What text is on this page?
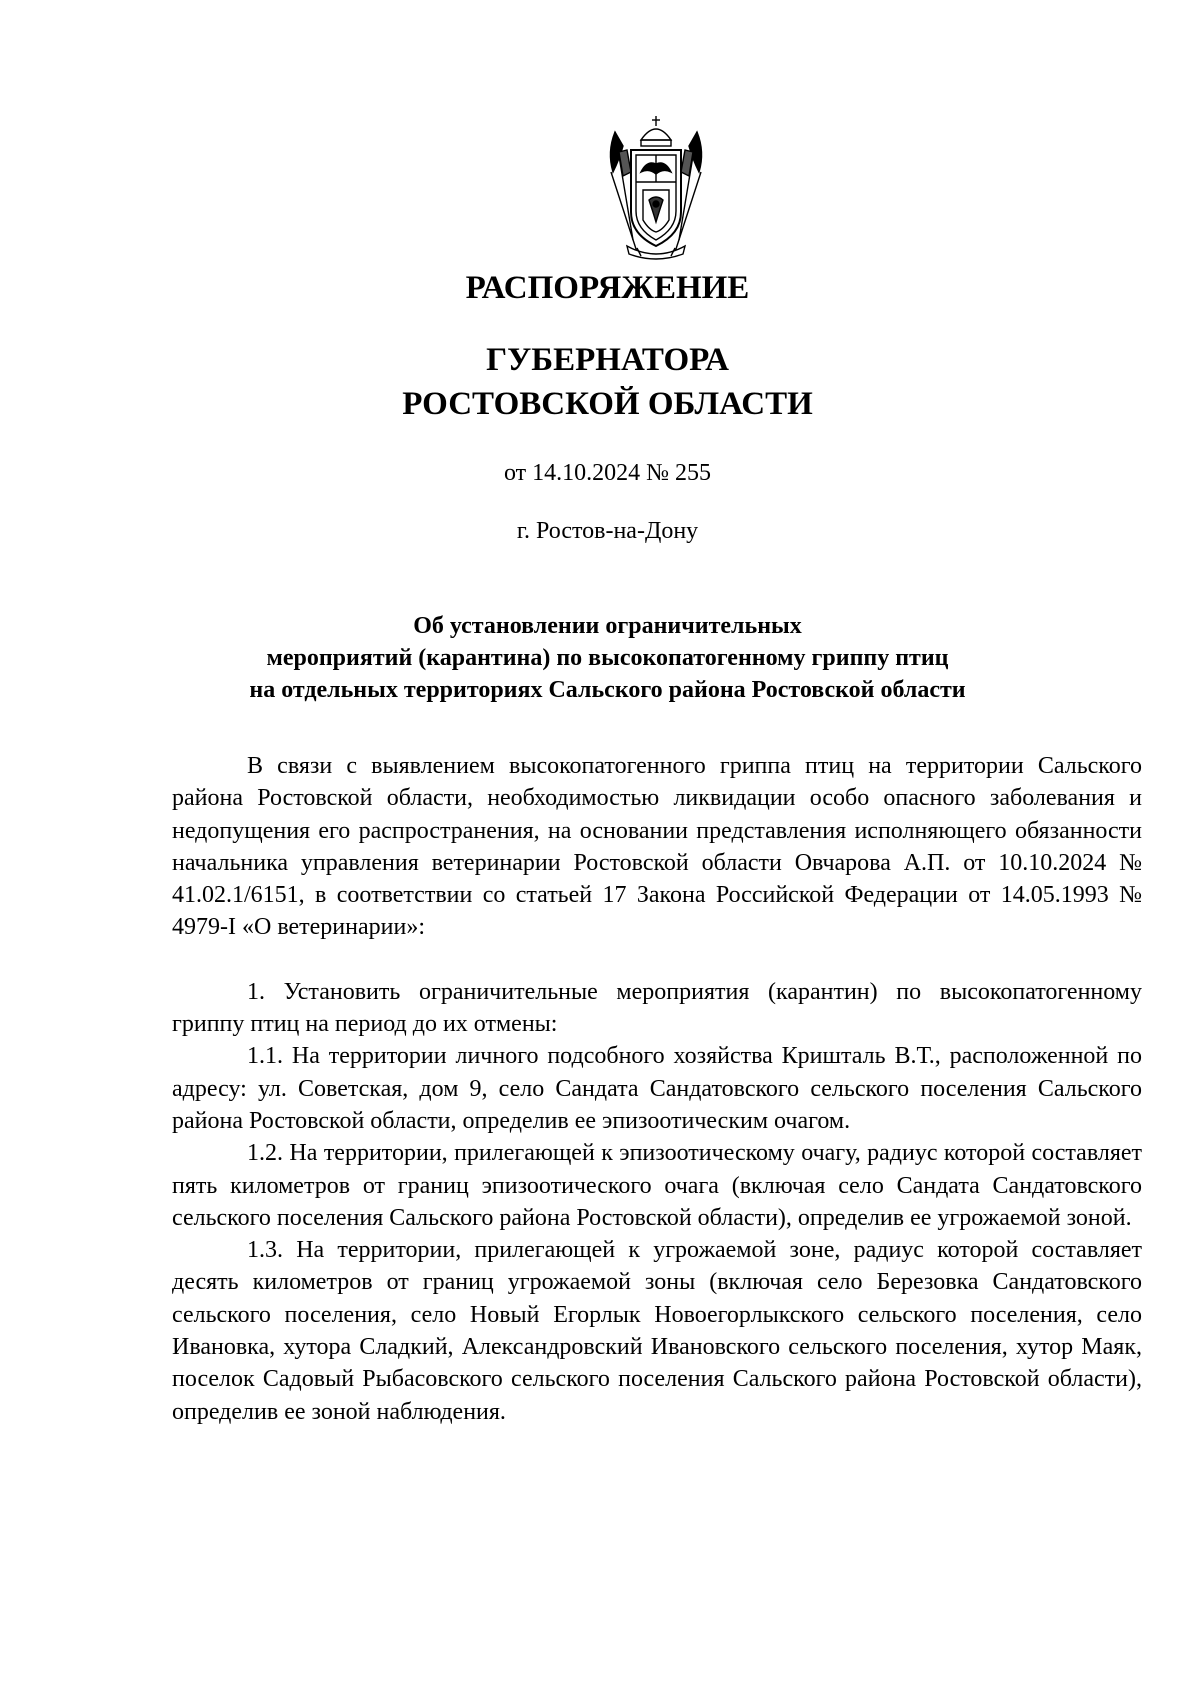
РАСПОРЯЖЕНИЕ
ГУБЕРНАТОРА
РОСТОВСКОЙ ОБЛАСТИ
от 14.10.2024 № 255
г. Ростов-на-Дону
Об установлении ограничительных
мероприятий (карантина) по высокопатогенному гриппу птиц
на отдельных территориях Сальского района Ростовской области

В связи с выявлением высокопатогенного гриппа птиц на территории Сальского района Ростовской области, необходимостью ликвидации особо опасного заболевания и недопущения его распространения, на основании представления исполняющего обязанности начальника управления ветеринарии Ростовской области Овчарова А.П. от 10.10.2024 № 41.02.1/6151, в соответствии со статьей 17 Закона Российской Федерации от 14.05.1993 № 4979-I «О ветеринарии»:

1. Установить ограничительные мероприятия (карантин) по высокопатогенному гриппу птиц на период до их отмены:

1.1. На территории личного подсобного хозяйства Кришталь В.Т., расположенной по адресу: ул. Советская, дом 9, село Сандата Сандатовского сельского поселения Сальского района Ростовской области, определив ее эпизоотическим очагом.

1.2. На территории, прилегающей к эпизоотическому очагу, радиус которой составляет пять километров от границ эпизоотического очага (включая село Сандата Сандатовского сельского поселения Сальского района Ростовской области), определив ее угрожаемой зоной.

1.3. На территории, прилегающей к угрожаемой зоне, радиус которой составляет десять километров от границ угрожаемой зоны (включая село Березовка Сандатовского сельского поселения, село Новый Егорлык Новоегорлыкского сельского поселения, село Ивановка, хутора Сладкий, Александровский Ивановского сельского поселения, хутор Маяк, поселок Садовый Рыбасовского сельского поселения Сальского района Ростовской области), определив ее зоной наблюдения.
